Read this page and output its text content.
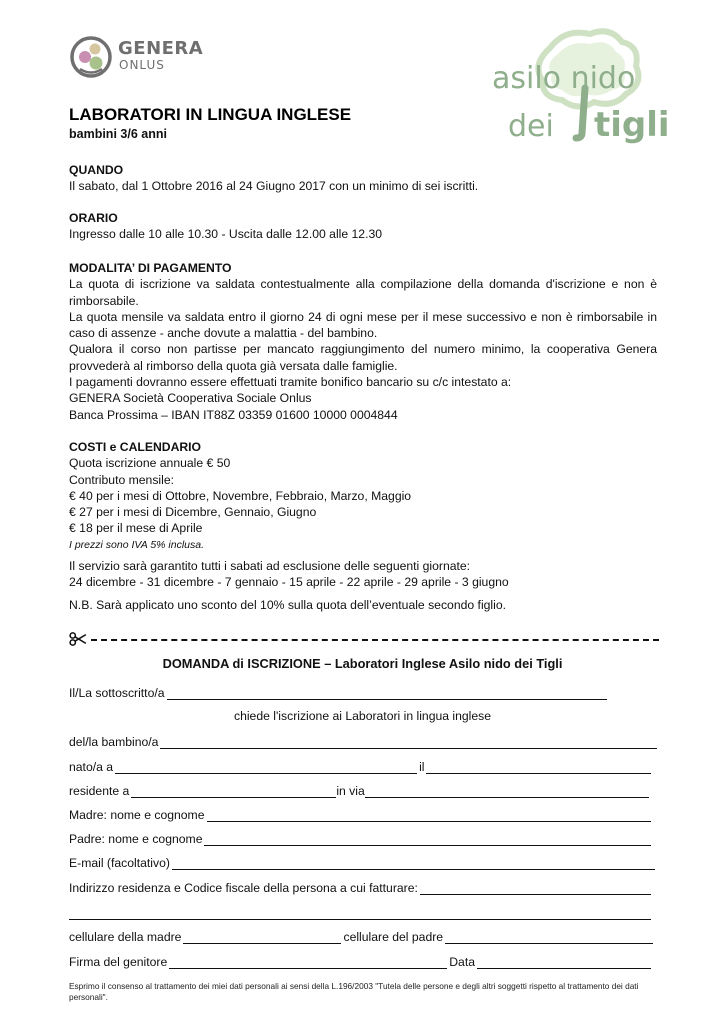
GENERA
ONLUS	asilo nido
dei tigli
LABORATORI IN LINGUA INGLESE
bambini 3/6 anni
QUANDO
Il sabato, dal 1 Ottobre 2016 al 24 Giugno 2017 con un minimo di sei iscritti.
ORARIO
Ingresso dalle 10 alle 10.30 - Uscita dalle 12.00 alle 12.30
MODALITA’ DI PAGAMENTO
La quota di iscrizione va saldata contestualmente alla compilazione della domanda d'iscrizione e non è rimborsabile.
La quota mensile va saldata entro il giorno 24 di ogni mese per il mese successivo e non è rimborsabile in caso di assenze - anche dovute a malattia - del bambino.
Qualora il corso non partisse per mancato raggiungimento del numero minimo, la cooperativa Genera provvederà al rimborso della quota già versata dalle famiglie.
I pagamenti dovranno essere effettuati tramite bonifico bancario su c/c intestato a:
GENERA Società Cooperativa Sociale Onlus
Banca Prossima – IBAN IT88Z 03359 01600 10000 0004844
COSTI e CALENDARIO
Quota iscrizione annuale € 50
Contributo mensile:
€ 40 per i mesi di Ottobre, Novembre, Febbraio, Marzo, Maggio
€ 27 per i mesi di Dicembre, Gennaio, Giugno
€ 18 per il mese di Aprile
I prezzi sono IVA 5% inclusa.
Il servizio sarà garantito tutti i sabati ad esclusione delle seguenti giornate:
24 dicembre - 31 dicembre - 7 gennaio - 15 aprile - 22 aprile - 29 aprile - 3 giugno
N.B. Sarà applicato uno sconto del 10% sulla quota dell’eventuale secondo figlio.
DOMANDA di ISCRIZIONE – Laboratori Inglese Asilo nido dei Tigli
Il/La sottoscritto/a
chiede l'iscrizione ai Laboratori in lingua inglese
del/la bambino/a
nato/a a	il
residente a	in via
Madre: nome e cognome
Padre: nome e cognome
E-mail (facoltativo)
Indirizzo residenza e Codice fiscale della persona a cui fatturare:
cellulare della madre	cellulare del padre
Firma del genitore	Data
Esprimo il consenso al trattamento dei miei dati personali ai sensi della L.196/2003 "Tutela delle persone e degli altri soggetti rispetto al trattamento dei dati personali".
